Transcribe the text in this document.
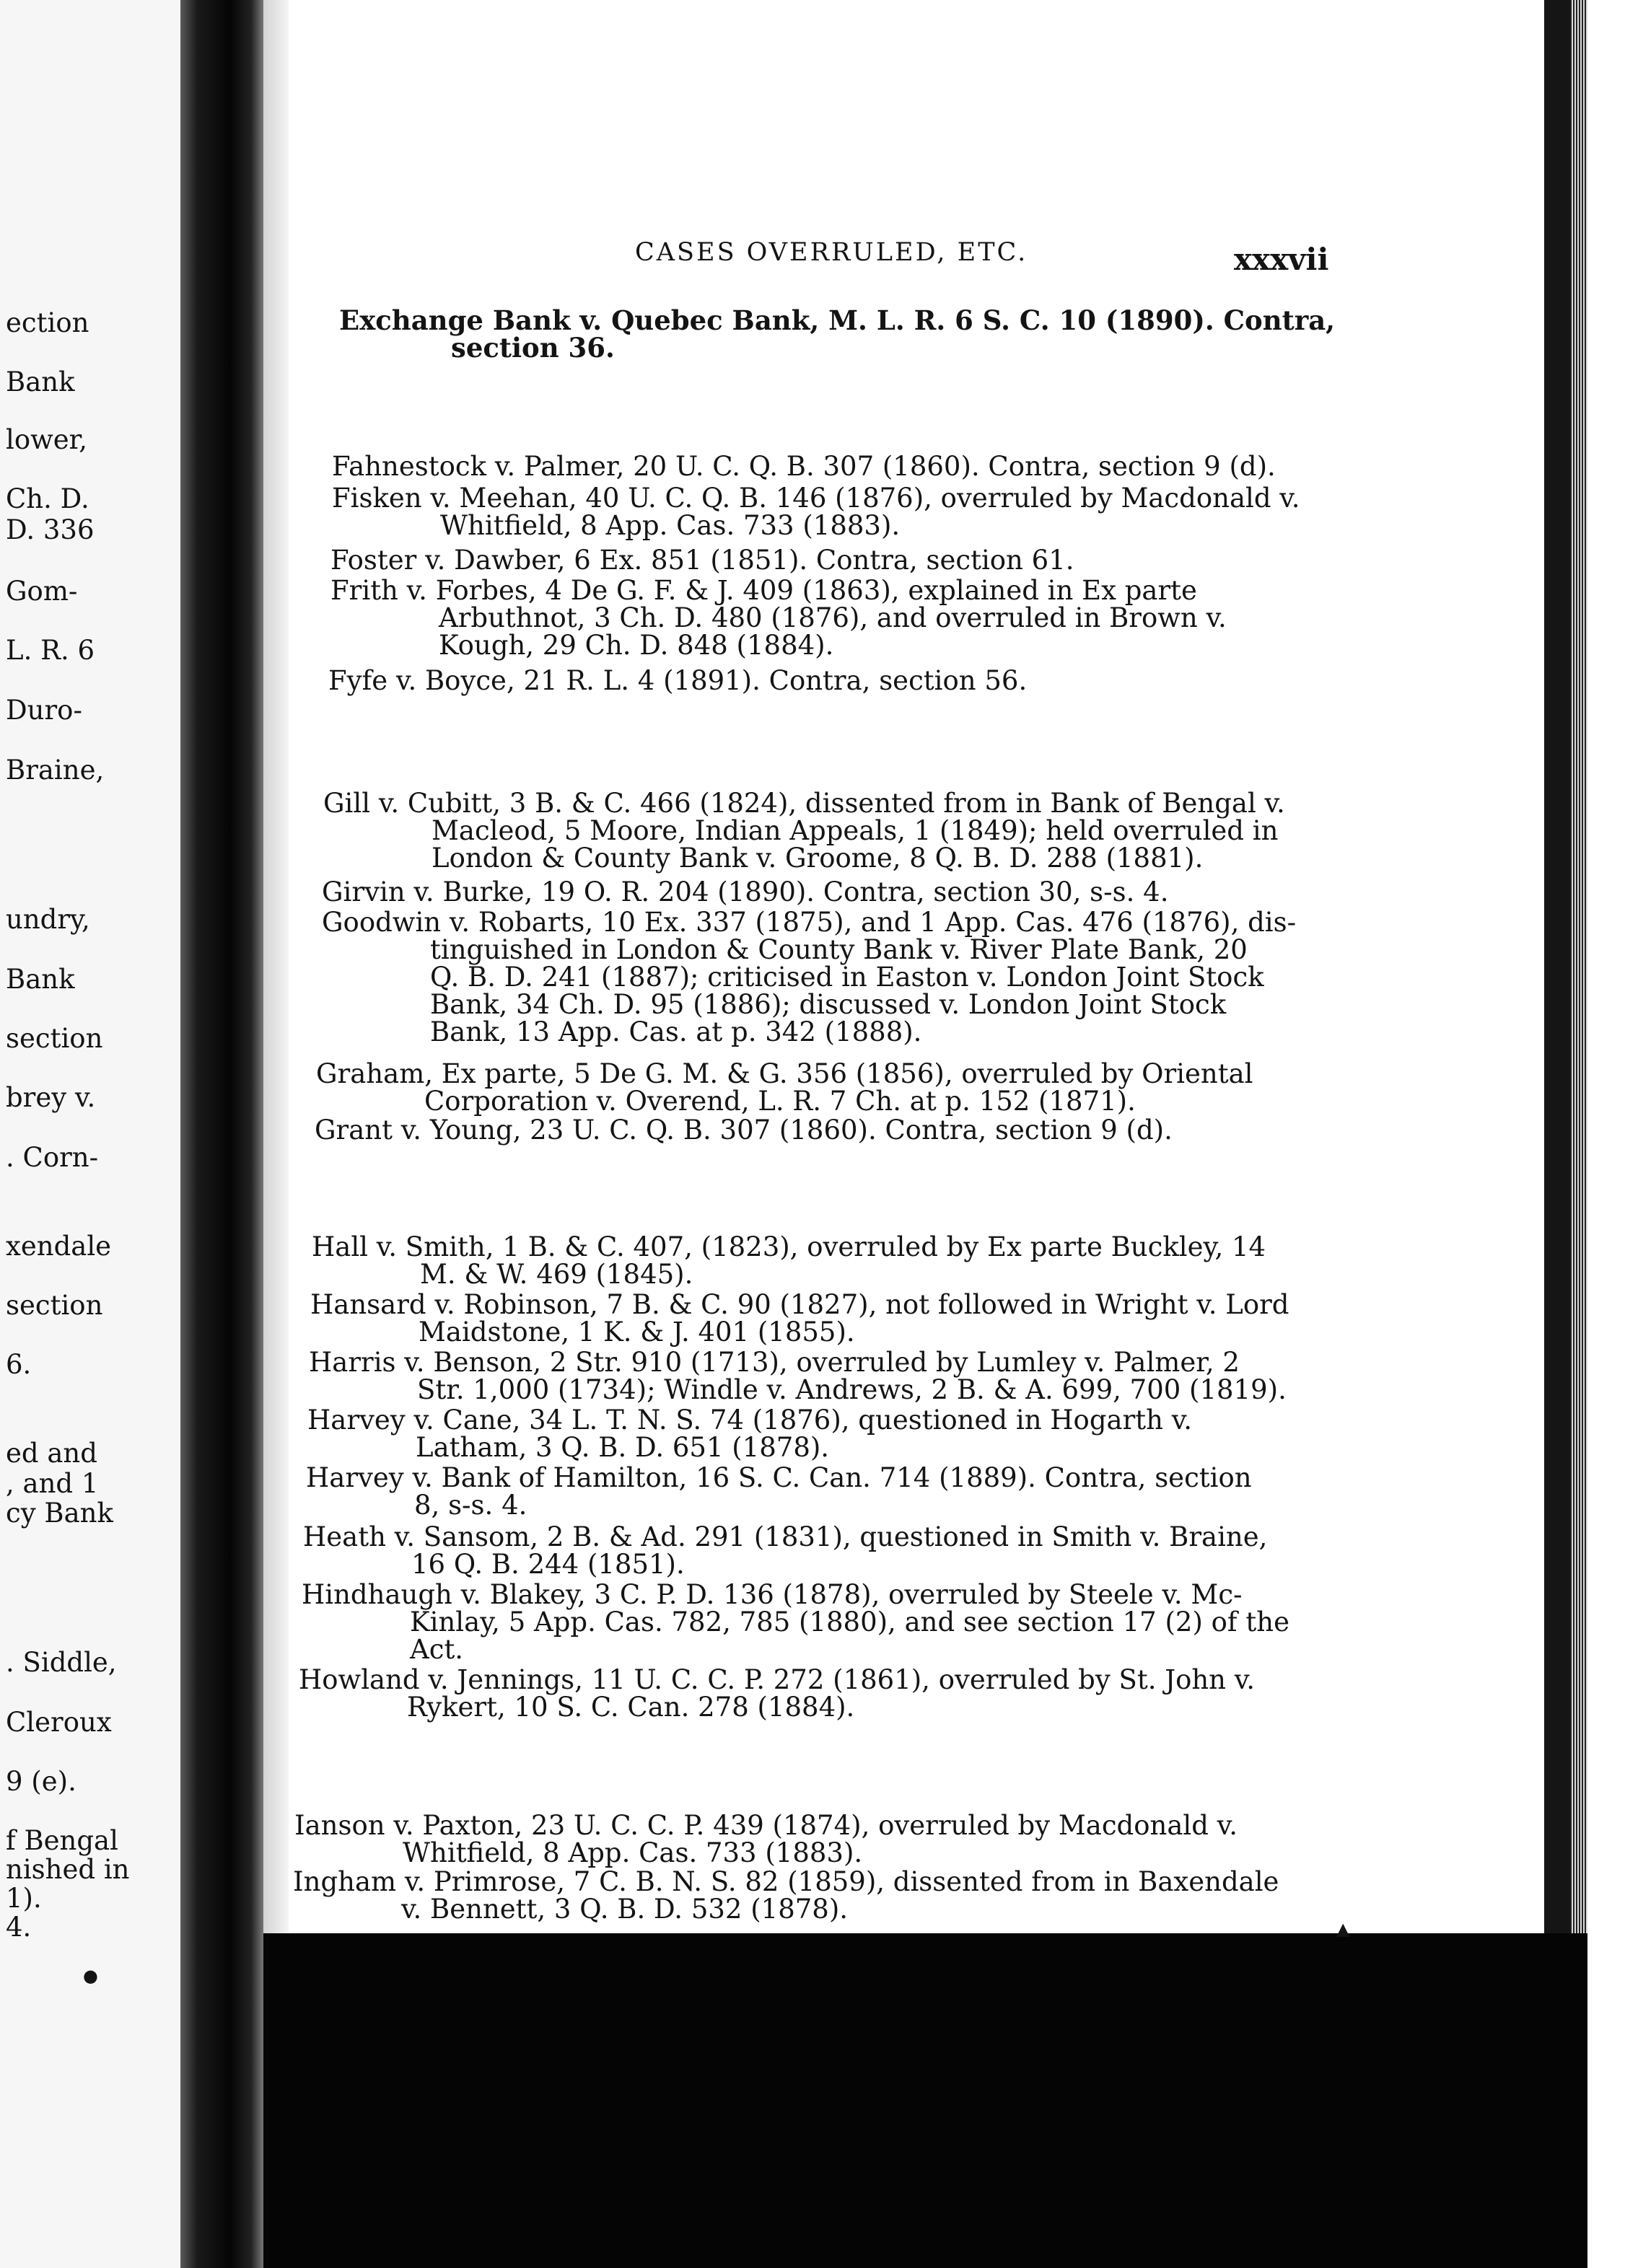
ection
Bank
lower,
Ch. D.
D. 336
Gom-
L. R. 6
Duro-
Braine,
undry,
Bank
section
brey v.
. Corn-
xendale
section
6.
ed and
, and 1
cy Bank
. Siddle,
Cleroux
9 (e).
f Bengal
nished in
1).
4.
●
CASES OVERRULED, ETC.	xxxvii
Exchange Bank v. Quebec Bank, M. L. R. 6 S. C. 10 (1890). Contra,
section 36.
Fahnestock v. Palmer, 20 U. C. Q. B. 307 (1860). Contra, section 9 (d).
Fisken v. Meehan, 40 U. C. Q. B. 146 (1876), overruled by Macdonald v.
Whitfield, 8 App. Cas. 733 (1883).
Foster v. Dawber, 6 Ex. 851 (1851). Contra, section 61.
Frith v. Forbes, 4 De G. F. & J. 409 (1863), explained in Ex parte
Arbuthnot, 3 Ch. D. 480 (1876), and overruled in Brown v.
Kough, 29 Ch. D. 848 (1884).
Fyfe v. Boyce, 21 R. L. 4 (1891). Contra, section 56.
Gill v. Cubitt, 3 B. & C. 466 (1824), dissented from in Bank of Bengal v.
Macleod, 5 Moore, Indian Appeals, 1 (1849); held overruled in
London & County Bank v. Groome, 8 Q. B. D. 288 (1881).
Girvin v. Burke, 19 O. R. 204 (1890). Contra, section 30, s-s. 4.
Goodwin v. Robarts, 10 Ex. 337 (1875), and 1 App. Cas. 476 (1876), dis-
tinguished in London & County Bank v. River Plate Bank, 20
Q. B. D. 241 (1887); criticised in Easton v. London Joint Stock
Bank, 34 Ch. D. 95 (1886); discussed v. London Joint Stock
Bank, 13 App. Cas. at p. 342 (1888).
Graham, Ex parte, 5 De G. M. & G. 356 (1856), overruled by Oriental
Corporation v. Overend, L. R. 7 Ch. at p. 152 (1871).
Grant v. Young, 23 U. C. Q. B. 307 (1860). Contra, section 9 (d).
Hall v. Smith, 1 B. & C. 407, (1823), overruled by Ex parte Buckley, 14
M. & W. 469 (1845).
Hansard v. Robinson, 7 B. & C. 90 (1827), not followed in Wright v. Lord
Maidstone, 1 K. & J. 401 (1855).
Harris v. Benson, 2 Str. 910 (1713), overruled by Lumley v. Palmer, 2
Str. 1,000 (1734); Windle v. Andrews, 2 B. & A. 699, 700 (1819).
Harvey v. Cane, 34 L. T. N. S. 74 (1876), questioned in Hogarth v.
Latham, 3 Q. B. D. 651 (1878).
Harvey v. Bank of Hamilton, 16 S. C. Can. 714 (1889). Contra, section
8, s-s. 4.
Heath v. Sansom, 2 B. & Ad. 291 (1831), questioned in Smith v. Braine,
16 Q. B. 244 (1851).
Hindhaugh v. Blakey, 3 C. P. D. 136 (1878), overruled by Steele v. Mc-
Kinlay, 5 App. Cas. 782, 785 (1880), and see section 17 (2) of the
Act.
Howland v. Jennings, 11 U. C. C. P. 272 (1861), overruled by St. John v.
Rykert, 10 S. C. Can. 278 (1884).
Ianson v. Paxton, 23 U. C. C. P. 439 (1874), overruled by Macdonald v.
Whitfield, 8 App. Cas. 733 (1883).
Ingham v. Primrose, 7 C. B. N. S. 82 (1859), dissented from in Baxendale
v. Bennett, 3 Q. B. D. 532 (1878).
▲
